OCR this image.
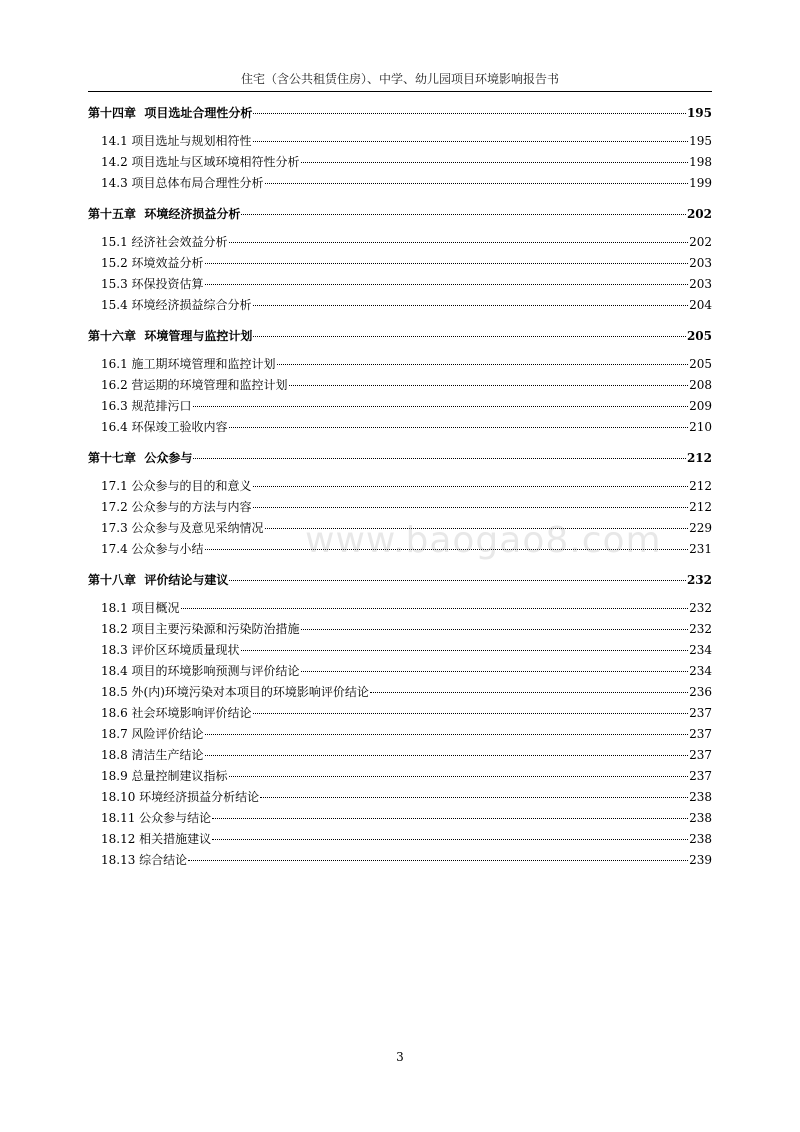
住宅（含公共租赁住房）、中学、幼儿园项目环境影响报告书
第十四章  项目选址合理性分析	195
14.1 项目选址与规划相符性	195
14.2 项目选址与区域环境相符性分析	198
14.3 项目总体布局合理性分析	199
第十五章  环境经济损益分析	202
15.1 经济社会效益分析	202
15.2 环境效益分析	203
15.3 环保投资估算	203
15.4 环境经济损益综合分析	204
第十六章  环境管理与监控计划	205
16.1 施工期环境管理和监控计划	205
16.2 营运期的环境管理和监控计划	208
16.3 规范排污口	209
16.4 环保竣工验收内容	210
第十七章  公众参与	212
17.1 公众参与的目的和意义	212
17.2 公众参与的方法与内容	212
17.3 公众参与及意见采纳情况	229
17.4 公众参与小结	231
第十八章  评价结论与建议	232
18.1 项目概况	232
18.2 项目主要污染源和污染防治措施	232
18.3 评价区环境质量现状	234
18.4 项目的环境影响预测与评价结论	234
18.5 外(内)环境污染对本项目的环境影响评价结论	236
18.6 社会环境影响评价结论	237
18.7 风险评价结论	237
18.8 清洁生产结论	237
18.9 总量控制建议指标	237
18.10 环境经济损益分析结论	238
18.11 公众参与结论	238
18.12 相关措施建议	238
18.13 综合结论	239
www.baogao8.com
3
